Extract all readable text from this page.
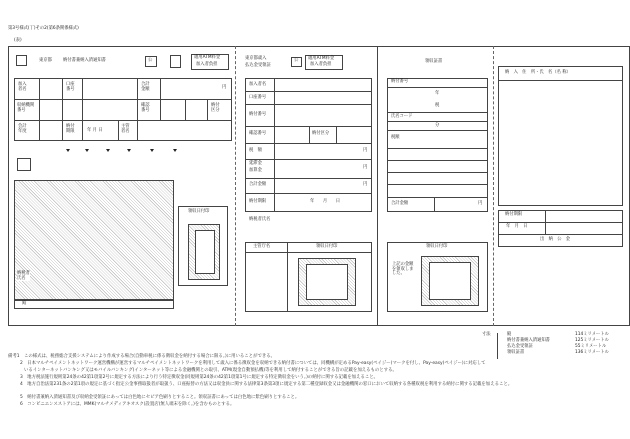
第3号様式(丁)その2(第6条関係様式)
(表)
東京都	納付書兼納入済通知書	公
適用ATM料金
加入者負担
加入
者名
口座
番号
合計
金額	円
収納機関
番号
確認
番号
納付
区分
会計
年度
納付
期限	年 月 日
主管
者名
納税者
氏名
殿
領収日付印
東京都歳入
払込金受領証
公 適用ATM料金
加入者負担
加入者名
口座番号
納付番号
確認番号	納付区分
税　額	円
延滞金
加算金
円
合計金額	円
納付期限	年　　月　　日
納税者氏名
主管庁名	領収日付印
領収証書
納付番号
年
税
氏名コード
分
税額
合計金額	円
領収日付印
上記の金額を領収しました。
納　入　住　所・氏　名（名 称）
納付期限
年　月　日
出　納　公　金
寸法	縦	114ミリメートル
納付書兼納入済通知書	125ミリメートル
払込金受領証	55ミリメートル
領収証書	136ミリメートル
備考1　この様式は、税務総合支援システムにより作成する場合(自動車税に係る徴収金を納付する場合に限る。)に用いることができる。
2　日本マルチペイメントネットワーク運営機構が運営するマルチペイメントネットワークを利用して歳入に係る徴収金を収納できる納付書については、同機構が定めるPay-easy(ペイジー)マークを付し、Pay-easy(ペイジー)に対応して
いるインターネットバンキング又はモバイルバンキング(インターネット等による金融機関との取引、ATM(現金自動預払機)等を利用して納付することができる旨の記載を加えるものとする。
3　地方税法施行規則第24条の42第1項第2号に規定する方法により行う特定徴収金(同規則第24条の42第1項第1号に規定する特定徴収金をいう。)の納付に関する記載を加えること。
4　地方自治法第231条の2第1項の規定に基づく指定公金事務取扱者が取扱う、口座振替の方法又は収金員に関する法律第3条第3項に規定する第二種登録収金又は金融機関の窓口において収納する各種収税を利用する納付に関する記載を加えること。
5　納付書兼納入済通知書及び収納金受領証にあっては白色地にセピア色刷りとすること。領収証書にあっては白色地に紫色刷りとすること。
6　コンビニエンスストアには、MMK(マルチメディアキオスク)設置店(無人端末を除く。)を含むものとする。
